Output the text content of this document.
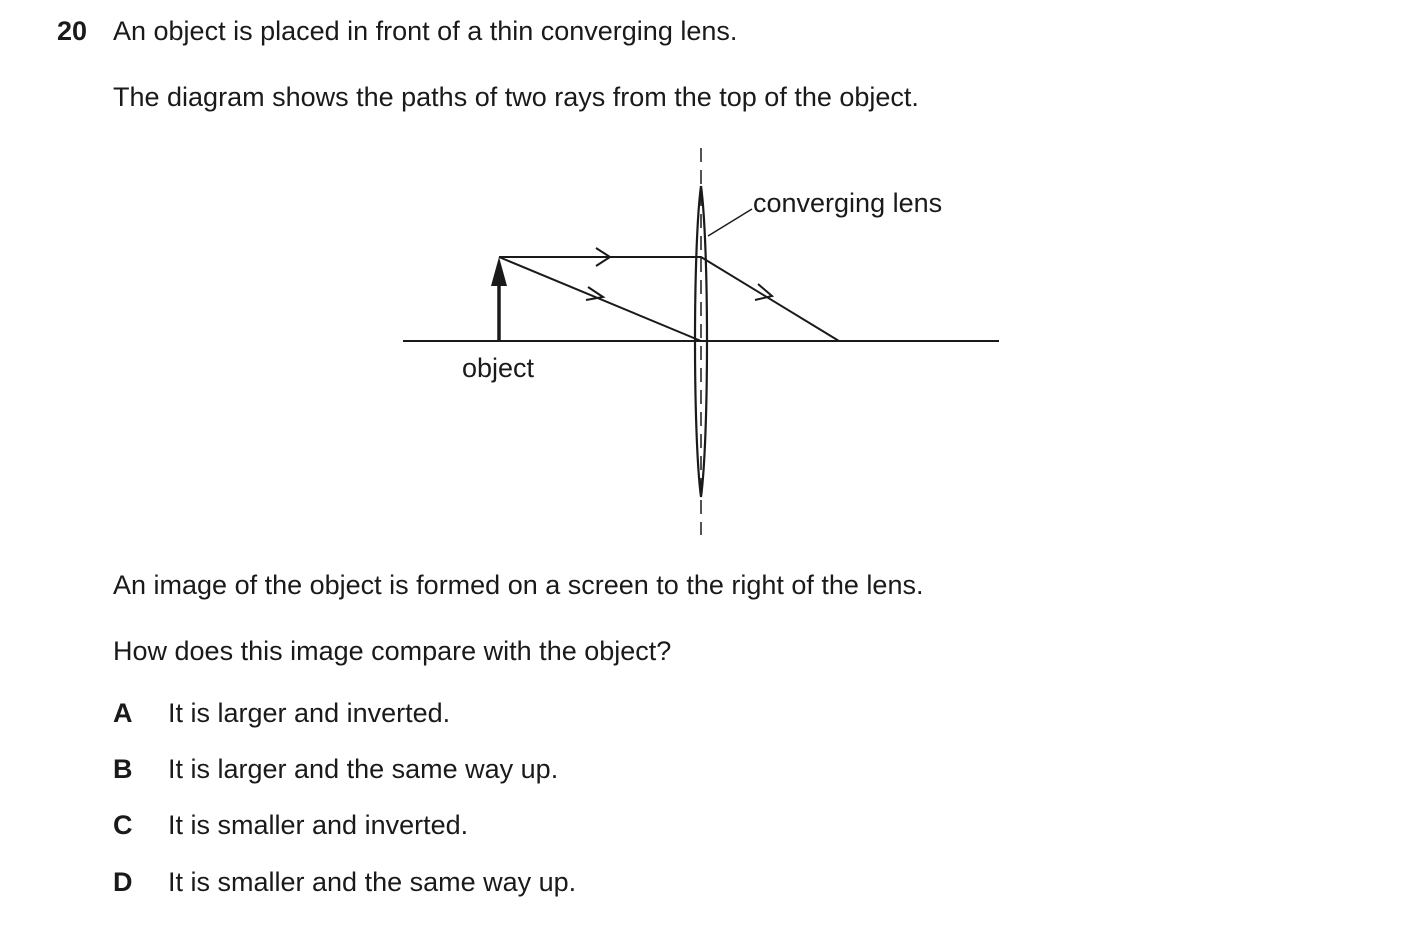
20 An object is placed in front of a thin converging lens.
The diagram shows the paths of two rays from the top of the object.
converging lens
object
An image of the object is formed on a screen to the right of the lens.
How does this image compare with the object?
A It is larger and inverted.
B It is larger and the same way up.
C It is smaller and inverted.
D It is smaller and the same way up.
